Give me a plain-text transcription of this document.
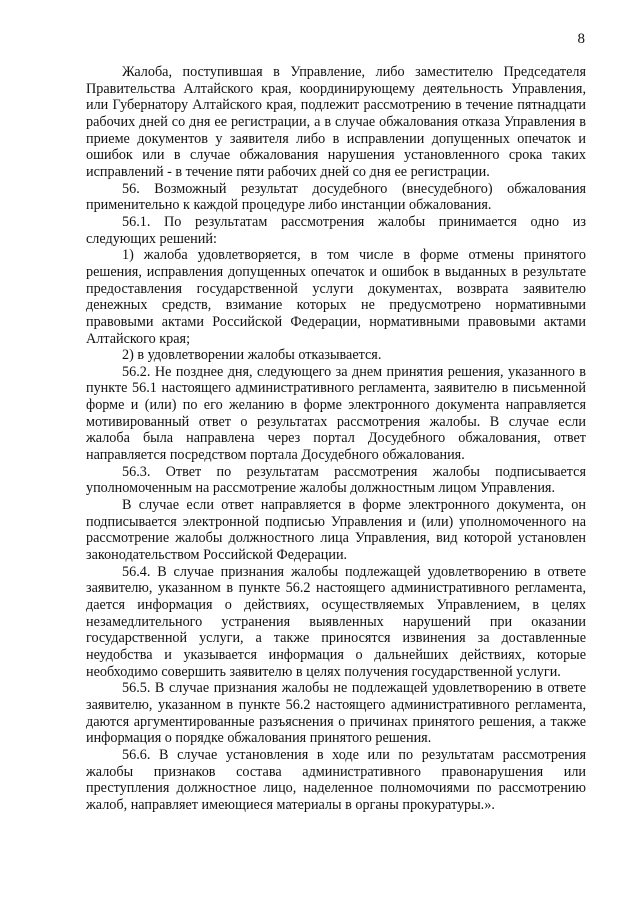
8

Жалоба, поступившая в Управление, либо заместителю Председателя Правительства Алтайского края, координирующему деятельность Управления, или Губернатору Алтайского края, подлежит рассмотрению в течение пятнадцати рабочих дней со дня ее регистрации, а в случае обжалования отказа Управления в приеме документов у заявителя либо в исправлении допущенных опечаток и ошибок или в случае обжалования нарушения установленного срока таких исправлений - в течение пяти рабочих дней со дня ее регистрации.

56. Возможный результат досудебного (внесудебного) обжалования применительно к каждой процедуре либо инстанции обжалования.

56.1. По результатам рассмотрения жалобы принимается одно из следующих решений:

1) жалоба удовлетворяется, в том числе в форме отмены принятого решения, исправления допущенных опечаток и ошибок в выданных в результате предоставления государственной услуги документах, возврата заявителю денежных средств, взимание которых не предусмотрено нормативными правовыми актами Российской Федерации, нормативными правовыми актами Алтайского края;

2) в удовлетворении жалобы отказывается.

56.2. Не позднее дня, следующего за днем принятия решения, указанного в пункте 56.1 настоящего административного регламента, заявителю в письменной форме и (или) по его желанию в форме электронного документа направляется мотивированный ответ о результатах рассмотрения жалобы. В случае если жалоба была направлена через портал Досудебного обжалования, ответ направляется посредством портала Досудебного обжалования.

56.3. Ответ по результатам рассмотрения жалобы подписывается уполномоченным на рассмотрение жалобы должностным лицом Управления.

В случае если ответ направляется в форме электронного документа, он подписывается электронной подписью Управления и (или) уполномоченного на рассмотрение жалобы должностного лица Управления, вид которой установлен законодательством Российской Федерации.

56.4. В случае признания жалобы подлежащей удовлетворению в ответе заявителю, указанном в пункте 56.2 настоящего административного регламента, дается информация о действиях, осуществляемых Управлением, в целях незамедлительного устранения выявленных нарушений при оказании государственной услуги, а также приносятся извинения за доставленные неудобства и указывается информация о дальнейших действиях, которые необходимо совершить заявителю в целях получения государственной услуги.

56.5. В случае признания жалобы не подлежащей удовлетворению в ответе заявителю, указанном в пункте 56.2 настоящего административного регламента, даются аргументированные разъяснения о причинах принятого решения, а также информация о порядке обжалования принятого решения.

56.6. В случае установления в ходе или по результатам рассмотрения жалобы признаков состава административного правонарушения или преступления должностное лицо, наделенное полномочиями по рассмотрению жалоб, направляет имеющиеся материалы в органы прокуратуры.».
